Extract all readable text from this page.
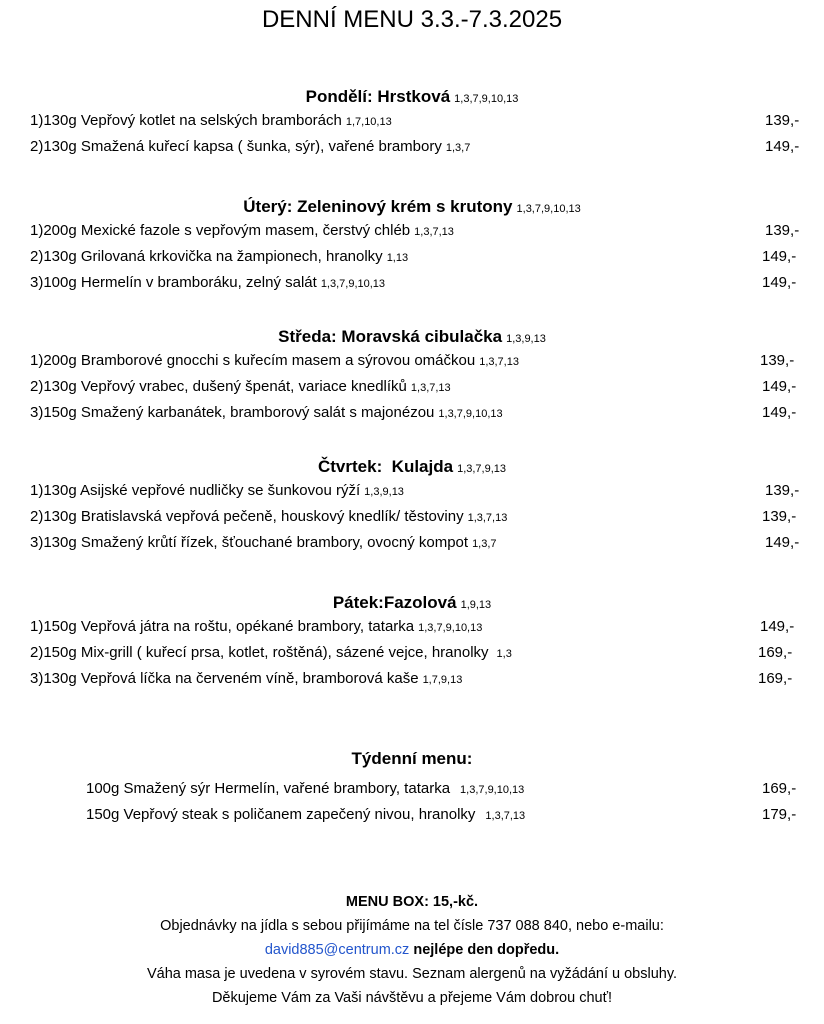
DENNÍ MENU 3.3.-7.3.2025
Pondělí: Hrstková 1,3,7,9,10,13
1)130g Vepřový kotlet na selských bramborách 1,7,10,13	139,-
2)130g Smažená kuřecí kapsa ( šunka, sýr), vařené brambory 1,3,7	149,-
Úterý: Zeleninový krém s krutony 1,3,7,9,10,13
1)200g Mexické fazole s vepřovým masem, čerstvý chléb 1,3,7,13	139,-
2)130g Grilovaná krkovička na žampionech, hranolky 1,13	149,-
3)100g Hermelín v bramboráku, zelný salát 1,3,7,9,10,13	149,-
Středa: Moravská cibulačka 1,3,9,13
1)200g Bramborové gnocchi s kuřecím masem a sýrovou omáčkou 1,3,7,13	139,-
2)130g Vepřový vrabec, dušený špenát, variace knedlíků 1,3,7,13	149,-
3)150g Smažený karbanátek, bramborový salát s majonézou 1,3,7,9,10,13	149,-
Čtvrtek:  Kulajda 1,3,7,9,13
1)130g Asijské vepřové nudličky se šunkovou rýží 1,3,9,13	139,-
2)130g Bratislavská vepřová pečeně, houskový knedlík/ těstoviny 1,3,7,13	139,-
3)130g Smažený krůtí řízek, šťouchané brambory, ovocný kompot 1,3,7	149,-
Pátek:Fazolová 1,9,13
1)150g Vepřová játra na roštu, opékané brambory, tatarka 1,3,7,9,10,13	149,-
2)150g Mix-grill ( kuřecí prsa, kotlet, roštěná), sázené vejce, hranolky 1,3	169,-
3)130g Vepřová líčka na červeném víně, bramborová kaše 1,7,9,13	169,-
Týdenní menu:
100g Smažený sýr Hermelín, vařené brambory, tatarka 1,3,7,9,10,13	169,-
150g Vepřový steak s poličanem zapečený nivou, hranolky 1,3,7,13	179,-
MENU BOX: 15,-kč.
Objednávky na jídla s sebou přijímáme na tel čísle 737 088 840, nebo e-mailu:
david885@centrum.cz nejlépe den dopředu.
Váha masa je uvedena v syrovém stavu. Seznam alergenů na vyžádání u obsluhy.
Děkujeme Vám za Vaši návštěvu a přejeme Vám dobrou chuť!
